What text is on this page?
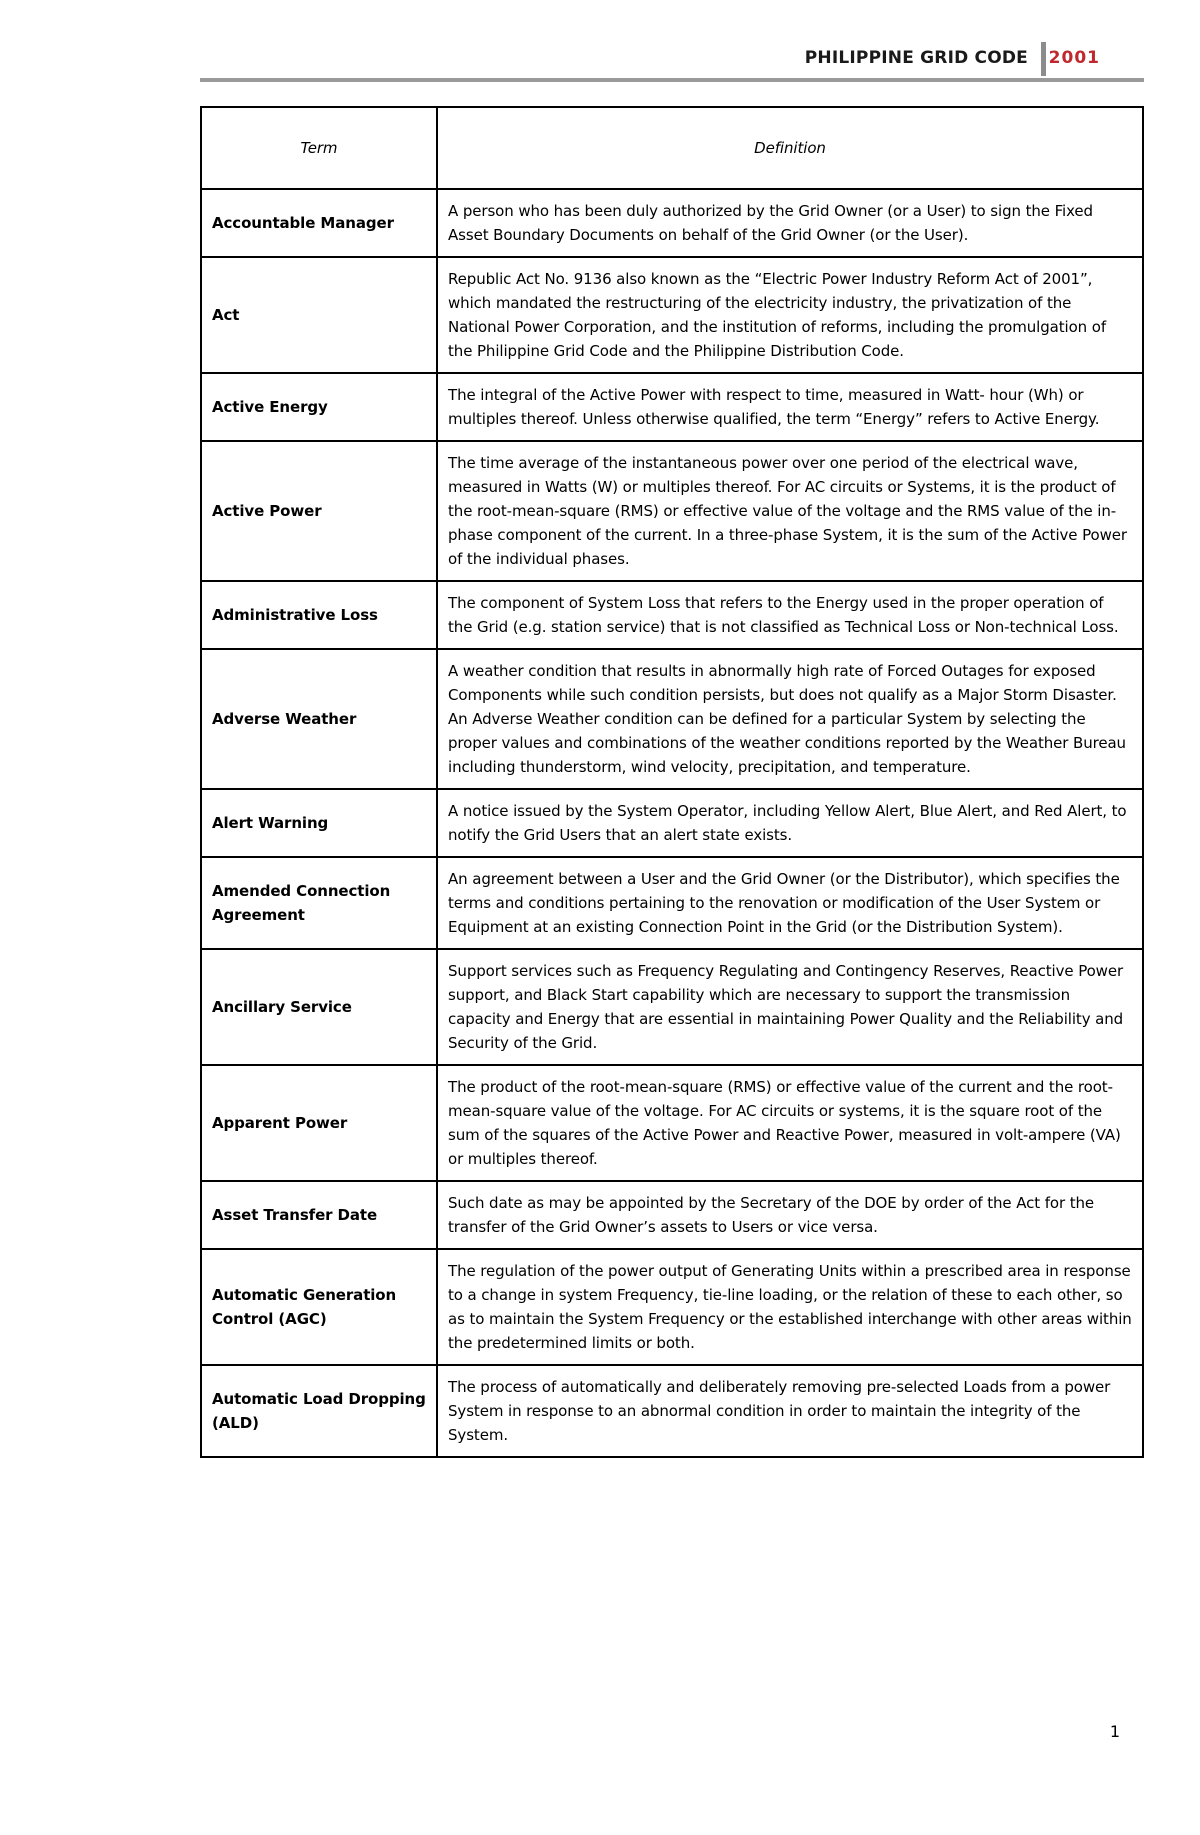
PHILIPPINE GRID CODE 2001
Term	Definition
Accountable Manager	A person who has been duly authorized by the Grid Owner (or a User) to sign the Fixed Asset Boundary Documents on behalf of the Grid Owner (or the User).
Act	Republic Act No. 9136 also known as the “Electric Power Industry Reform Act of 2001”, which mandated the restructuring of the electricity industry, the privatization of the National Power Corporation, and the institution of reforms, including the promulgation of the Philippine Grid Code and the Philippine Distribution Code.
Active Energy	The integral of the Active Power with respect to time, measured in Watt- hour (Wh) or multiples thereof. Unless otherwise qualified, the term “Energy” refers to Active Energy.
Active Power	The time average of the instantaneous power over one period of the electrical wave, measured in Watts (W) or multiples thereof. For AC circuits or Systems, it is the product of the root-mean-square (RMS) or effective value of the voltage and the RMS value of the in-phase component of the current. In a three-phase System, it is the sum of the Active Power of the individual phases.
Administrative Loss	The component of System Loss that refers to the Energy used in the proper operation of the Grid (e.g. station service) that is not classified as Technical Loss or Non-technical Loss.
Adverse Weather	A weather condition that results in abnormally high rate of Forced Outages for exposed Components while such condition persists, but does not qualify as a Major Storm Disaster. An Adverse Weather condition can be defined for a particular System by selecting the proper values and combinations of the weather conditions reported by the Weather Bureau including thunderstorm, wind velocity, precipitation, and temperature.
Alert Warning	A notice issued by the System Operator, including Yellow Alert, Blue Alert, and Red Alert, to notify the Grid Users that an alert state exists.
Amended Connection Agreement	An agreement between a User and the Grid Owner (or the Distributor), which specifies the terms and conditions pertaining to the renovation or modification of the User System or Equipment at an existing Connection Point in the Grid (or the Distribution System).
Ancillary Service	Support services such as Frequency Regulating and Contingency Reserves, Reactive Power support, and Black Start capability which are necessary to support the transmission capacity and Energy that are essential in maintaining Power Quality and the Reliability and Security of the Grid.
Apparent Power	The product of the root-mean-square (RMS) or effective value of the current and the root-mean-square value of the voltage. For AC circuits or systems, it is the square root of the sum of the squares of the Active Power and Reactive Power, measured in volt-ampere (VA) or multiples thereof.
Asset Transfer Date	Such date as may be appointed by the Secretary of the DOE by order of the Act for the transfer of the Grid Owner’s assets to Users or vice versa.
Automatic Generation Control (AGC)	The regulation of the power output of Generating Units within a prescribed area in response to a change in system Frequency, tie-line loading, or the relation of these to each other, so as to maintain the System Frequency or the established interchange with other areas within the predetermined limits or both.
Automatic Load Dropping (ALD)	The process of automatically and deliberately removing pre-selected Loads from a power System in response to an abnormal condition in order to maintain the integrity of the System.
1
